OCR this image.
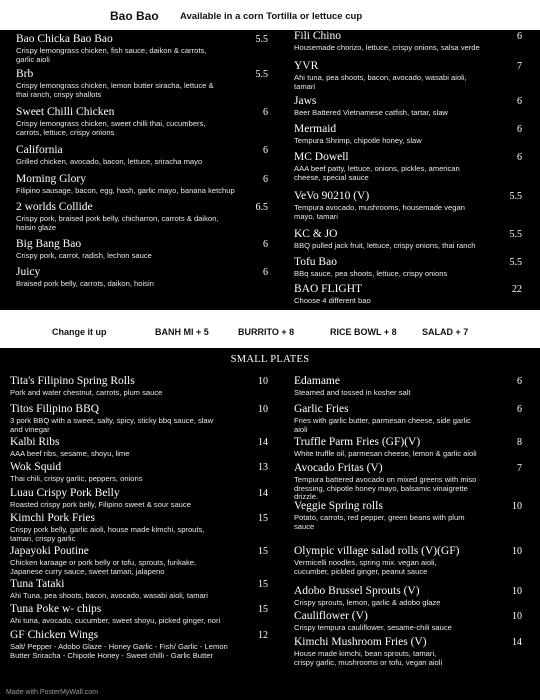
Bao Bao Available in a corn Tortilla or lettuce cup
Bao Chicka Bao Bao	5.5
Crispy lemongrass chicken, fish sauce, daikon & carrots,
garlic aioli
Brb	5.5
Crispy lemongrass chicken, lemon butter siracha, lettuce &
thai ranch, crispy shallots
Sweet Chilli Chicken	6
Crispy lemongrass chicken, sweet chilli thai, cucumbers,
carrots, lettuce, crispy onions
California	6
Grilled chicken, avocado, bacon, lettuce, sriracha mayo
Morning Glory	6
Filipino sausage, bacon, egg, hash, garlic mayo, banana ketchup
2 worlds Collide	6.5
Crispy pork, braised pork belly, chicharron, carrots & daikon,
hoisin glaze
Big Bang Bao	6
Crispy pork, carrot, radish, lechon sauce
Juicy	6
Braised pork belly, carrots, daikon, hoisin
Fili Chino	6
Housemade chorizo, lettuce, crispy onions, salsa verde
YVR	7
Ahi tuna, pea shoots, bacon, avocado, wasabi aioli,
tamari
Jaws	6
Beer Battered Vietnamese catfish, tartar, slaw
Mermaid	6
Tempura Shrimp, chipotle honey, slaw
MC Dowell	6
AAA beef patty, lettuce, onions, pickles, american
cheese, special sauce
VeVo 90210 (V)	5.5
Tempura avocado, mushrooms, housemade vegan
mayo, tamari
KC & JO	5.5
BBQ pulled jack fruit, lettuce, crispy onions, thai ranch
Tofu Bao	5.5
BBq sauce, pea shoots, lettuce, crispy onions
BAO FLIGHT	22
Choose 4 different bao
Change it up	BANH MI + 5	BURRITO + 8	RICE BOWL + 8	SALAD + 7
SMALL PLATES
Tita's Filipino Spring Rolls	10
Pork and water chestnut, carrots, plum sauce
Titos Filipino BBQ	10
3 pork BBQ with a sweet, salty, spicy, sticky bbq sauce, slaw
and vinegar
Kalbi Ribs	14
AAA beef ribs, sesame, shoyu, lime
Wok Squid	13
Thai chili, crispy garlic, peppers, onions
Luau Crispy Pork Belly	14
Roasted crispy pork belly, Filipino sweet & sour sauce
Kimchi Pork Fries	15
Crispy pork belly, garlic aioli, house made kimchi, sprouts,
tamari, crispy garlic
Japayoki Poutine	15
Chicken karaage or pork belly or tofu, sprouts, furikake,
Japanese curry sauce, sweet tamari, jalapeno
Tuna Tataki	15
Ahi Tuna, pea shoots, bacon, avocado, wasabi aioli, tamari
Tuna Poke w- chips	15
Ahi tuna, avocado, cucumber, sweet shoyu, picked ginger, nori
GF Chicken Wings	12
Salt/ Pepper - Adobo Glaze - Honey Garlic - Fish/ Garlic - Lemon
Butter Sriracha - Chipotle Honey - Sweet chilli - Garlic Butter
Edamame	6
Steamed and tossed in kosher salt
Garlic Fries	6
Fries with garlic butter, parmesan cheese, side garlic
aioli
Truffle Parm Fries (GF)(V)	8
White truffle oil, parmesan cheese, lemon & garlic aioli
Avocado Fritas (V)	7
Tempura battered avocado on mixed greens with miso
dressing, chipotle honey mayo, balsamic vinaigrette
drizzle.
Veggie Spring rolls	10
Potato, carrots, red pepper, green beans with plum
sauce
Olympic village salad rolls (V)(GF)	10
Vermicelli noodles, spring mix. vegan aioli,
cucumber, pickled ginger, peanut sauce
Adobo Brussel Sprouts (V)	10
Crispy sprouts, lemon, garlic & adobo glaze
Cauliflower (V)	10
Crispy tempura cauliflower, sesame-chili sauce
Kimchi Mushroom Fries (V)	14
House made kimchi, bean sprouts, tamari,
crispy garlic, mushrooms or tofu, vegan aioli
Made with PosterMyWall.com
